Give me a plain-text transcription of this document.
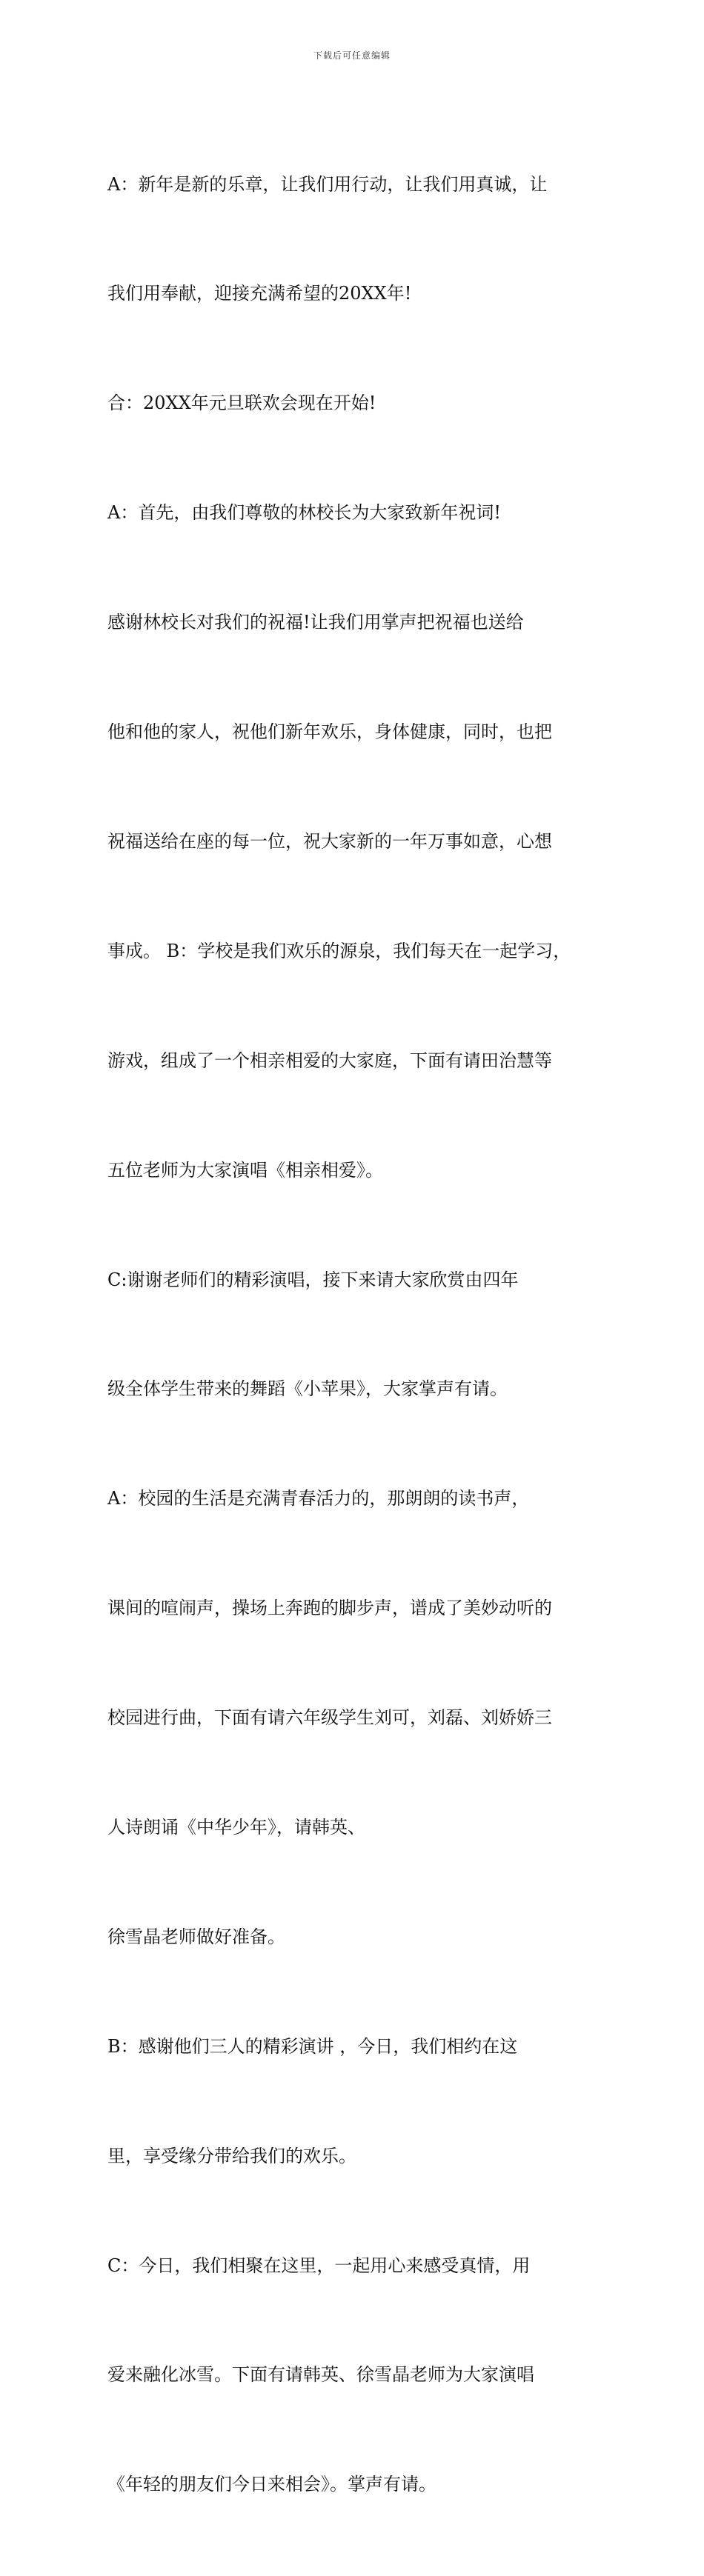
下载后可任意编辑

A：新年是新的乐章，让我们用行动，让我们用真诚，让

我们用奉献，迎接充满希望的20XX年!

合：20XX年元旦联欢会现在开始!

A：首先，由我们尊敬的林校长为大家致新年祝词!

感谢林校长对我们的祝福!让我们用掌声把祝福也送给

他和他的家人，祝他们新年欢乐，身体健康，同时，也把

祝福送给在座的每一位，祝大家新的一年万事如意，心想

事成。 B：学校是我们欢乐的源泉，我们每天在一起学习，

游戏，组成了一个相亲相爱的大家庭，下面有请田治慧等

五位老师为大家演唱《相亲相爱》。

C:谢谢老师们的精彩演唱，接下来请大家欣赏由四年

级全体学生带来的舞蹈《小苹果》，大家掌声有请。

A：校园的生活是充满青春活力的，那朗朗的读书声，

课间的喧闹声，操场上奔跑的脚步声，谱成了美妙动听的

校园进行曲，下面有请六年级学生刘可，刘磊、刘娇娇三

人诗朗诵《中华少年》，请韩英、

徐雪晶老师做好准备。

B：感谢他们三人的精彩演讲 ，今日，我们相约在这

里，享受缘分带给我们的欢乐。

C：今日，我们相聚在这里，一起用心来感受真情，用

爱来融化冰雪。下面有请韩英、徐雪晶老师为大家演唱

《年轻的朋友们今日来相会》。掌声有请。
